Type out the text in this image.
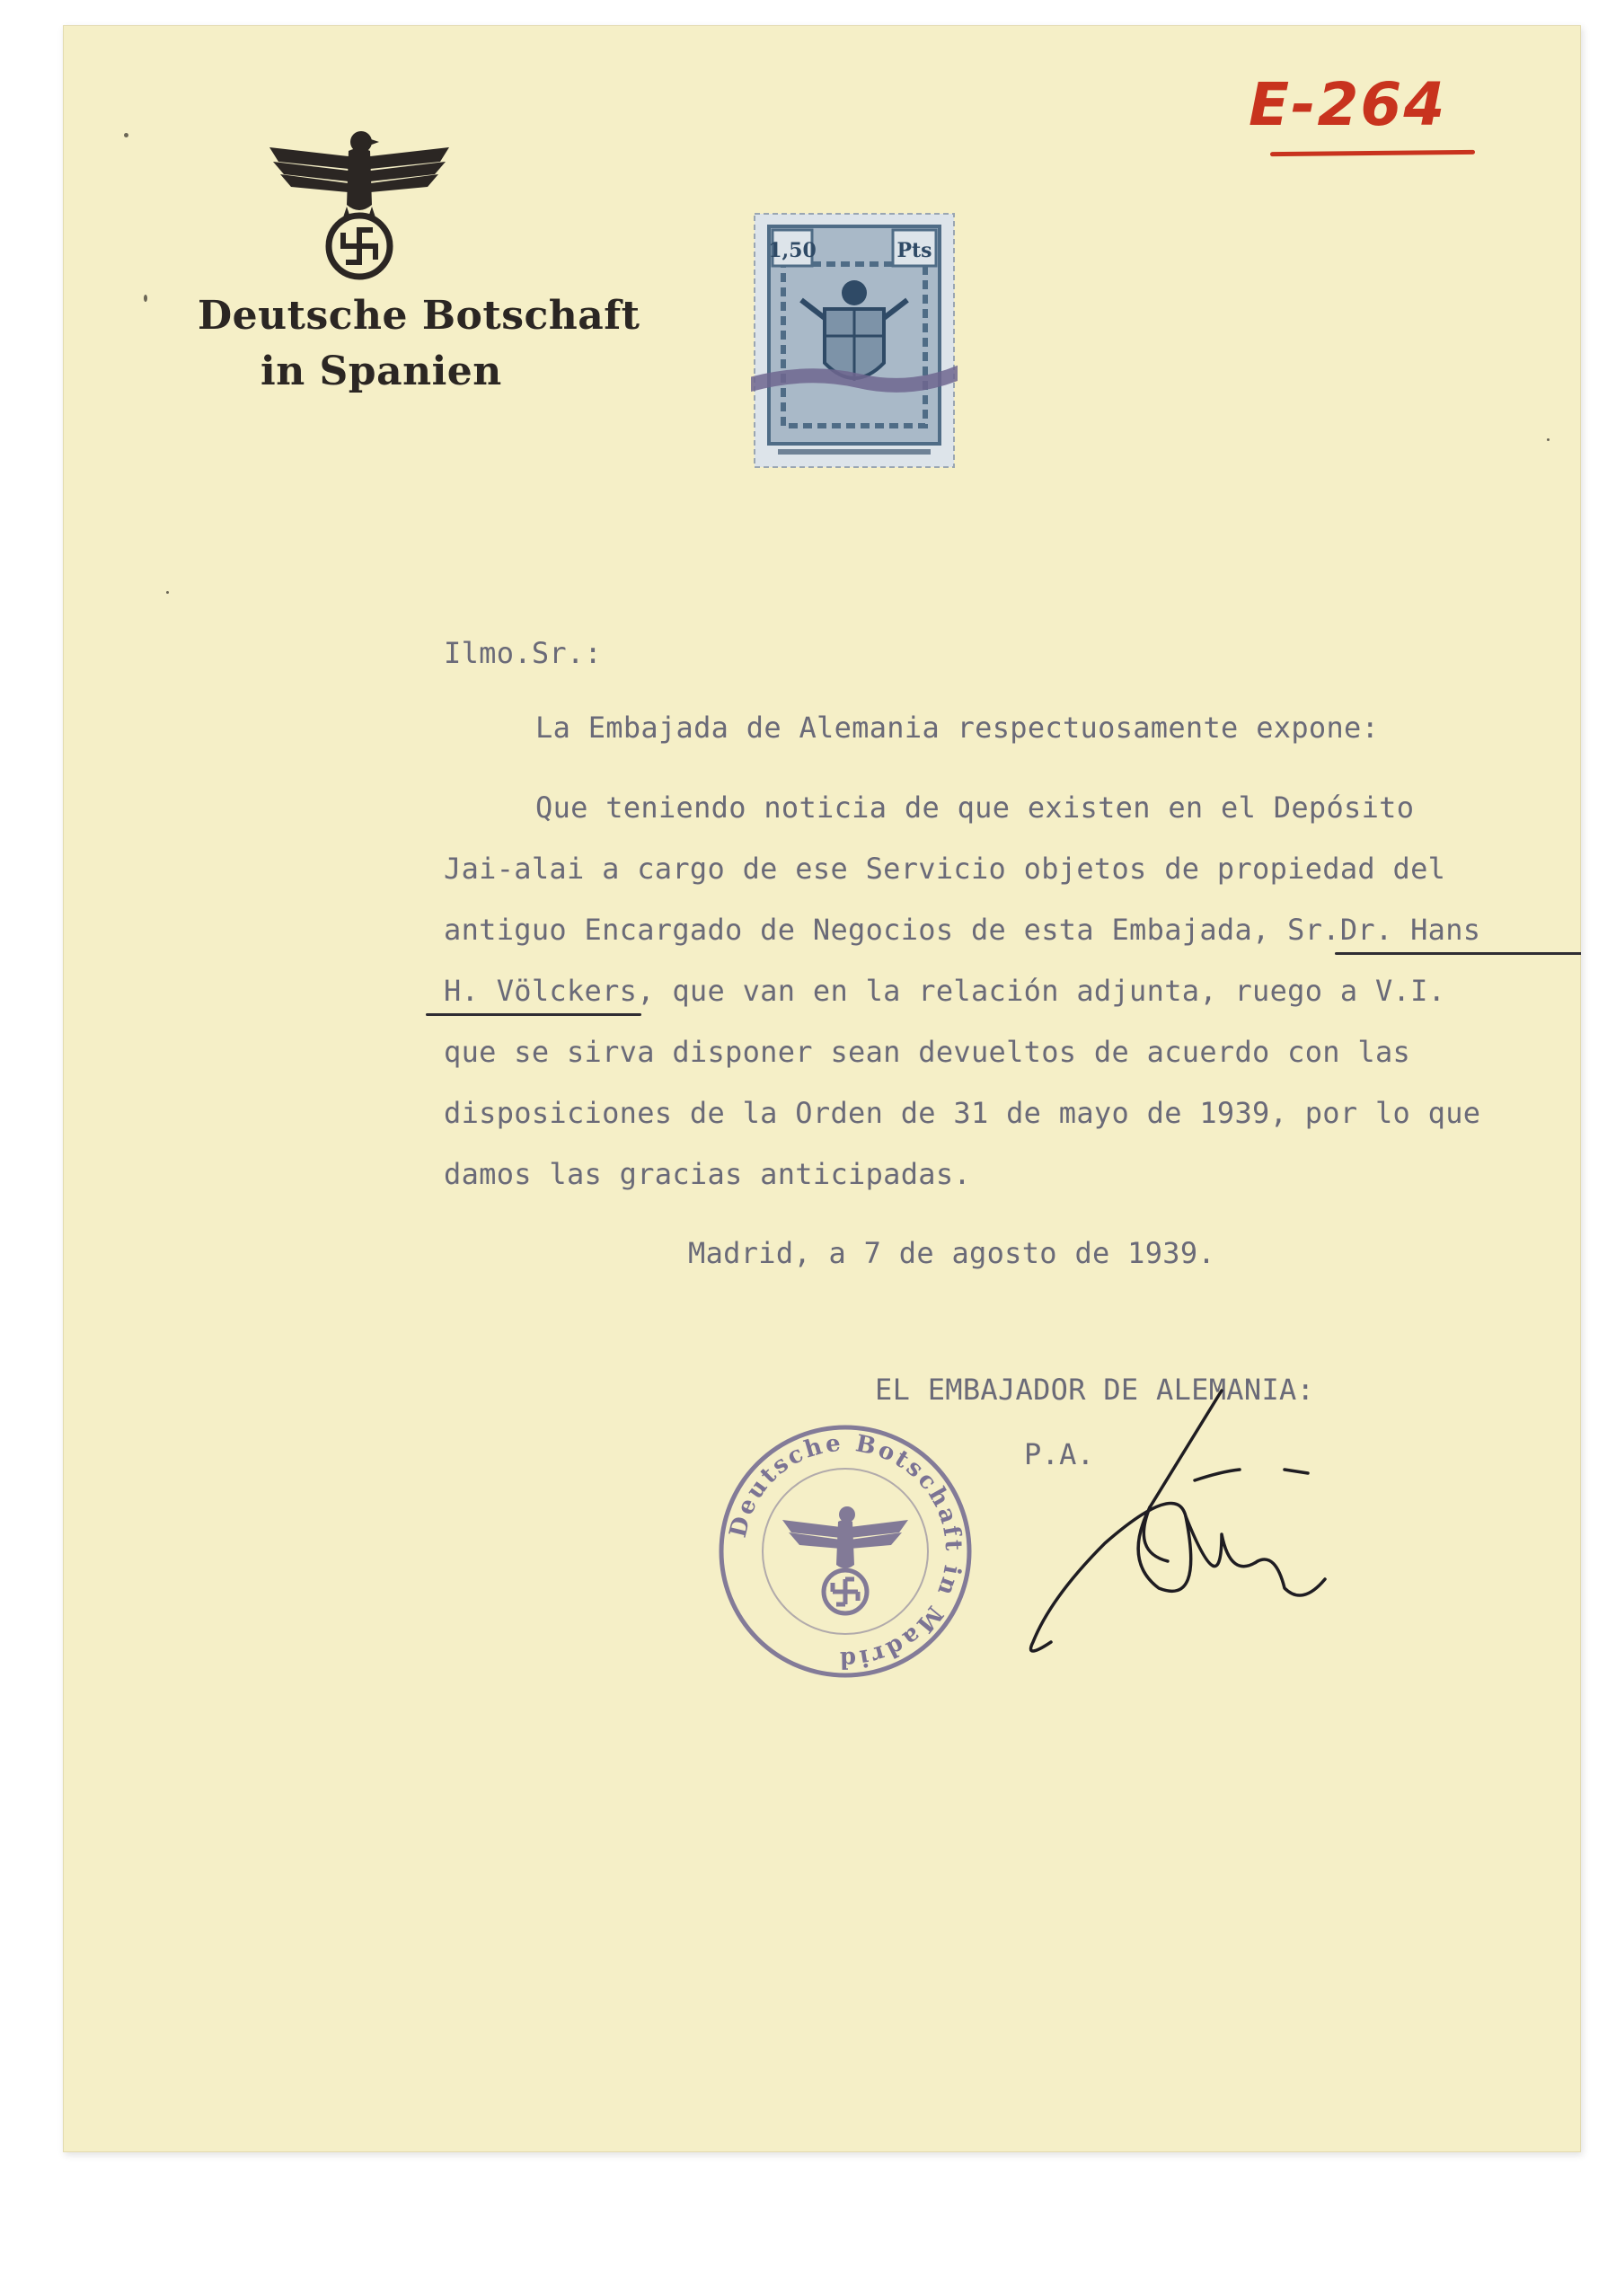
E-264
Deutsche Botschaft
in Spanien
1,50	Pts
Ilmo.Sr.:
La Embajada de Alemania respectuosamente expone:
Que teniendo noticia de que existen en el Depósito
Jai-alai a cargo de ese Servicio objetos de propiedad del
antiguo Encargado de Negocios de esta Embajada, Sr.Dr. Hans
H. Völckers, que van en la relación adjunta, ruego a V.I.
que se sirva disponer sean devueltos de acuerdo con las
disposiciones de la Orden de 31 de mayo de 1939, por lo que
damos las gracias anticipadas.
Madrid, a 7 de agosto de 1939.
EL EMBAJADOR DE ALEMANIA:
P.A.
Deutsche Botschaft in Madrid
